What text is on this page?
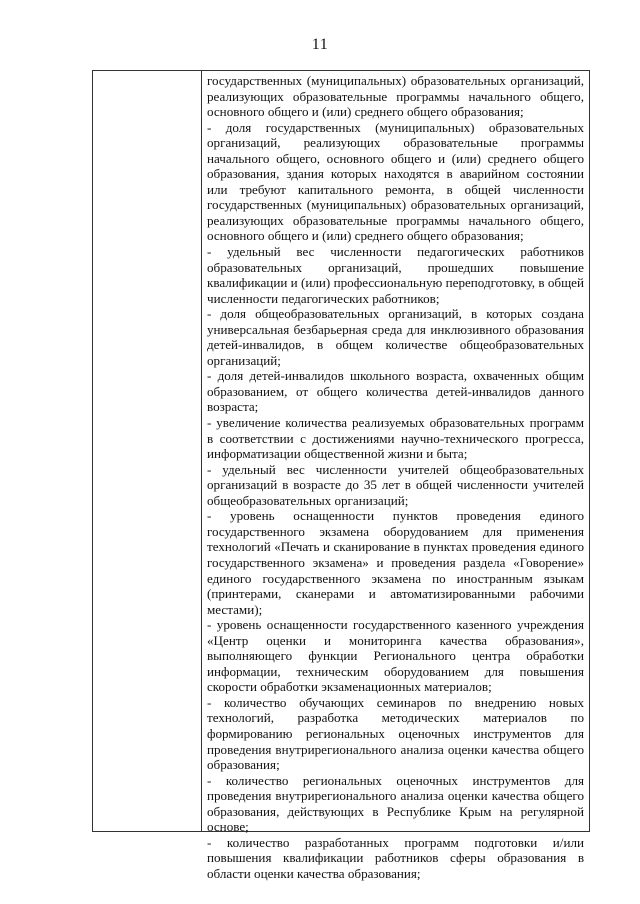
11

государственных (муниципальных) образовательных организаций, реализующих образовательные программы начального общего, основного общего и (или) среднего общего образования;

- доля государственных (муниципальных) образовательных организаций, реализующих образовательные программы начального общего, основного общего и (или) среднего общего образования, здания которых находятся в аварийном состоянии или требуют капитального ремонта, в общей численности государственных (муниципальных) образовательных организаций, реализующих образовательные программы начального общего, основного общего и (или) среднего общего образования;

- удельный вес численности педагогических работников образовательных организаций, прошедших повышение квалификации и (или) профессиональную переподготовку, в общей численности педагогических работников;

- доля общеобразовательных организаций, в которых создана универсальная безбарьерная среда для инклюзивного образования детей-инвалидов, в общем количестве общеобразовательных организаций;

- доля детей-инвалидов школьного возраста, охваченных общим образованием, от общего количества детей-инвалидов данного возраста;

- увеличение количества реализуемых образовательных программ в соответствии с достижениями научно-технического прогресса, информатизации общественной жизни и быта;

- удельный вес численности учителей общеобразовательных организаций в возрасте до 35 лет в общей численности учителей общеобразовательных организаций;

- уровень оснащенности пунктов проведения единого государственного экзамена оборудованием для применения технологий «Печать и сканирование в пунктах проведения единого государственного экзамена» и проведения раздела «Говорение» единого государственного экзамена по иностранным языкам (принтерами, сканерами и автоматизированными рабочими местами);

- уровень оснащенности государственного казенного учреждения «Центр оценки и мониторинга качества образования», выполняющего функции Регионального центра обработки информации, техническим оборудованием для повышения скорости обработки экзаменационных материалов;

- количество обучающих семинаров по внедрению новых технологий, разработка методических материалов по формированию региональных оценочных инструментов для проведения внутрирегионального анализа оценки качества общего образования;

- количество региональных оценочных инструментов для проведения внутрирегионального анализа оценки качества общего образования, действующих в Республике Крым на регулярной основе;

- количество разработанных программ подготовки и/или повышения квалификации работников сферы образования в области оценки качества образования;
